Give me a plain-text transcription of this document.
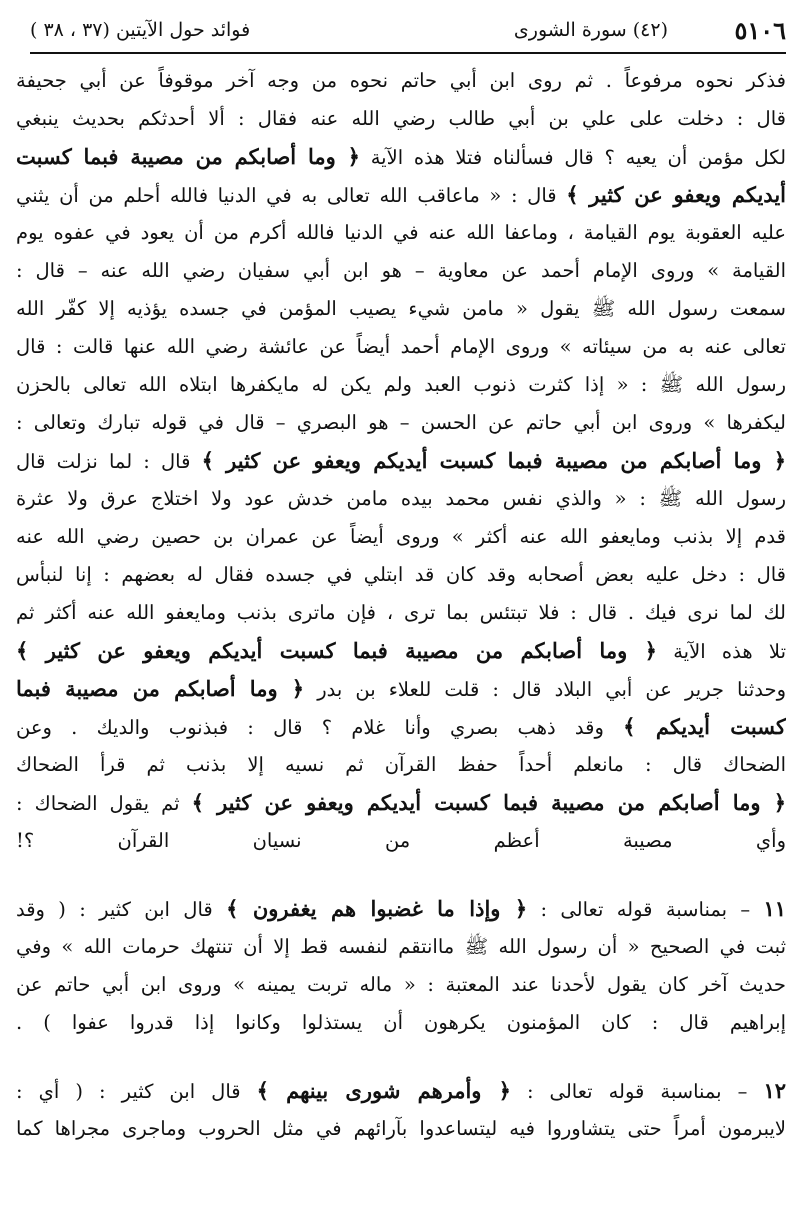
٥١٠٦
(٤٢) سورة الشورى
فوائد حول الآيتين (٣٧ ، ٣٨ )
فذكر نحوه مرفوعاً . ثم روى ابن أبي حاتم نحوه من وجه آخر موقوفاً عن أبي جحيفة
قال : دخلت على علي بن أبي طالب رضي الله عنه فقال : ألا أحدثكم بحديث ينبغي
لكل مؤمن أن يعيه ؟ قال فسألناه فتلا هذه الآية ﴿ وما أصابكم من مصيبة فبما كسبت
أيديكم ويعفو عن كثير ﴾ قال : « ماعاقب الله تعالى به في الدنيا فالله أحلم من أن يثني
عليه العقوبة يوم القيامة ، وماعفا الله عنه في الدنيا فالله أكرم من أن يعود في عفوه يوم
القيامة » وروى الإمام أحمد عن معاوية – هو ابن أبي سفيان رضي الله عنه – قال :
سمعت رسول الله ﷺ يقول « مامن شيء يصيب المؤمن في جسده يؤذيه إلا كفّر الله
تعالى عنه به من سيئاته » وروى الإمام أحمد أيضاً عن عائشة رضي الله عنها قالت : قال
رسول الله ﷺ : « إذا كثرت ذنوب العبد ولم يكن له مايكفرها ابتلاه الله تعالى بالحزن
ليكفرها » وروى ابن أبي حاتم عن الحسن – هو البصري – قال في قوله تبارك وتعالى :
﴿ وما أصابكم من مصيبة فبما كسبت أيديكم ويعفو عن كثير ﴾ قال : لما نزلت قال
رسول الله ﷺ : « والذي نفس محمد بيده مامن خدش عود ولا اختلاج عرق ولا عثرة
قدم إلا بذنب ومايعفو الله عنه أكثر » وروى أيضاً عن عمران بن حصين رضي الله عنه
قال : دخل عليه بعض أصحابه وقد كان قد ابتلي في جسده فقال له بعضهم : إنا لنبأس
لك لما نرى فيك . قال : فلا تبتئس بما ترى ، فإن ماترى بذنب ومايعفو الله عنه أكثر ثم
تلا هذه الآية ﴿ وما أصابكم من مصيبة فبما كسبت أيديكم ويعفو عن كثير ﴾
وحدثنا جرير عن أبي البلاد قال : قلت للعلاء بن بدر ﴿ وما أصابكم من مصيبة فبما
كسبت أيديكم ﴾ وقد ذهب بصري وأنا غلام ؟ قال : فبذنوب والديك . وعن
الضحاك قال : مانعلم أحداً حفظ القرآن ثم نسيه إلا بذنب ثم قرأ الضحاك
﴿ وما أصابكم من مصيبة فبما كسبت أيديكم ويعفو عن كثير ﴾ ثم يقول الضحاك :
وأي مصيبة أعظم من نسيان القرآن ؟!
١١ – بمناسبة قوله تعالى : ﴿ وإذا ما غضبوا هم يغفرون ﴾ قال ابن كثير : ( وقد
ثبت في الصحيح « أن رسول الله ﷺ ماانتقم لنفسه قط إلا أن تنتهك حرمات الله » وفي
حديث آخر كان يقول لأحدنا عند المعتبة : « ماله تربت يمينه » وروى ابن أبي حاتم عن
إبراهيم قال : كان المؤمنون يكرهون أن يستذلوا وكانوا إذا قدروا عفوا ) .
١٢ – بمناسبة قوله تعالى : ﴿ وأمرهم شورى بينهم ﴾ قال ابن كثير : ( أي :
لايبرمون أمراً حتى يتشاوروا فيه ليتساعدوا بآرائهم في مثل الحروب وماجرى مجراها كما
